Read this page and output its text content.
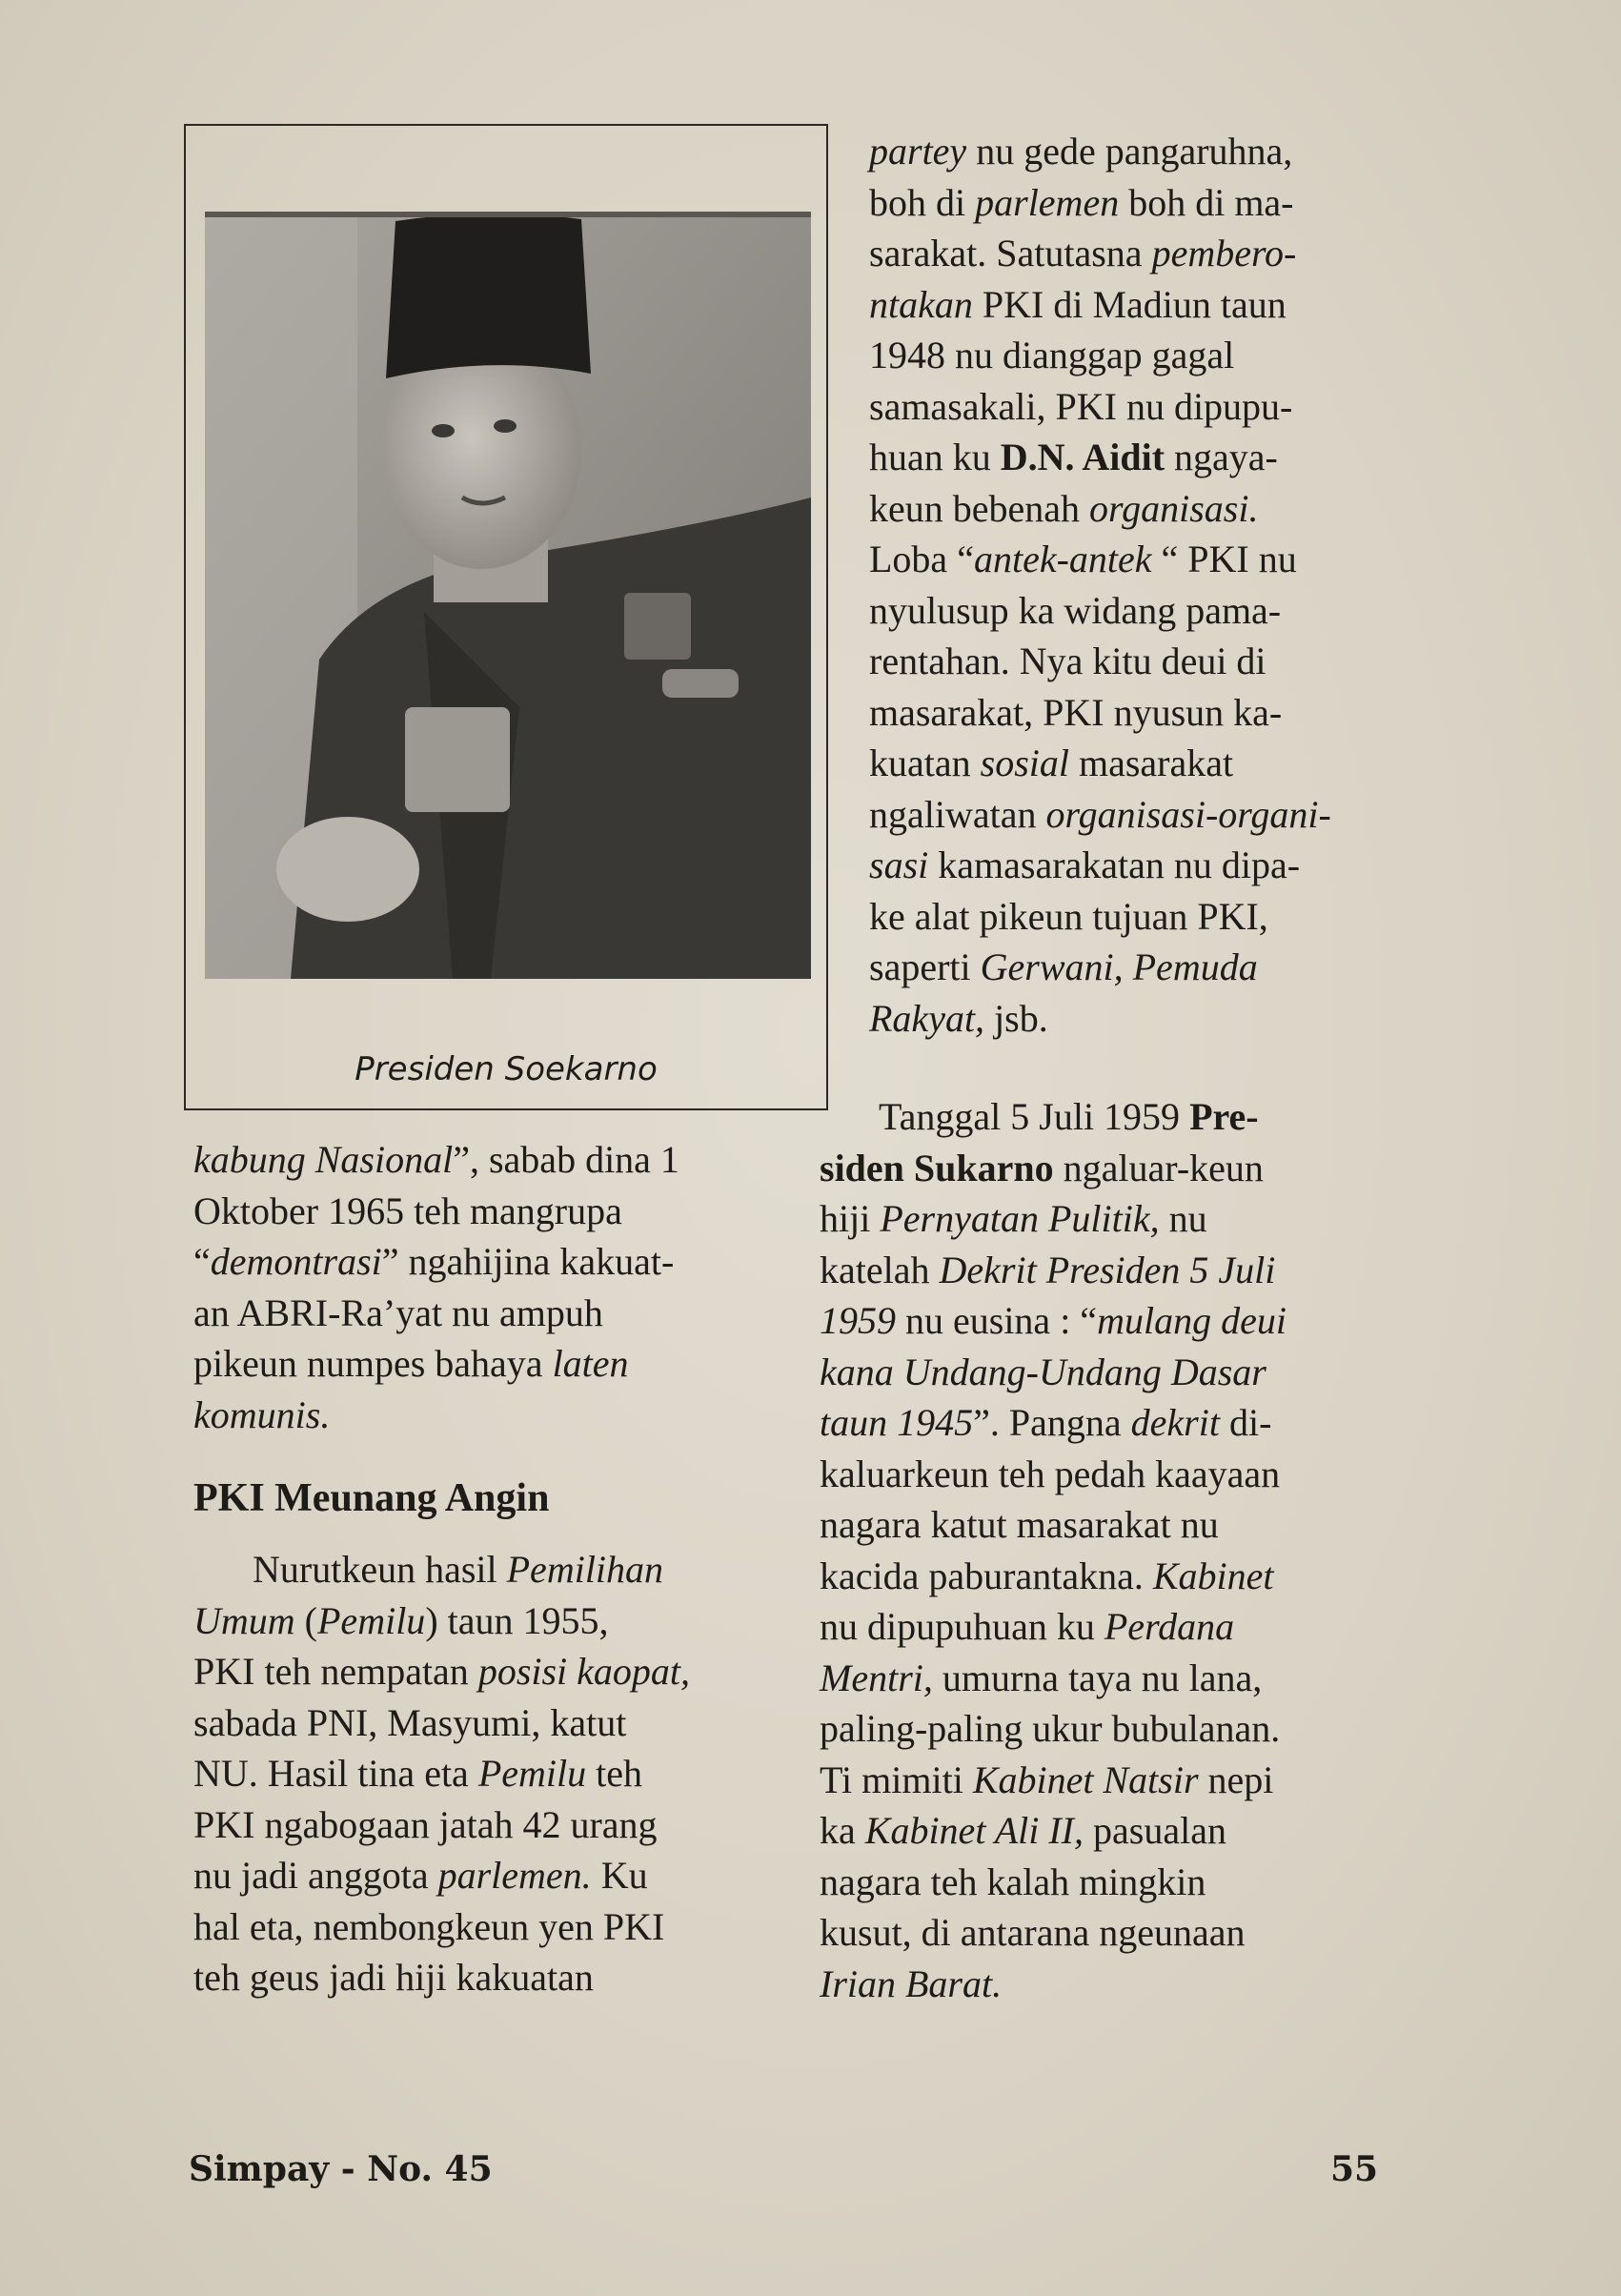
Presiden Soekarno
partey nu gede pangaruhna,
boh di parlemen boh di ma-
sarakat. Satutasna pembero-
ntakan PKI di Madiun taun
1948 nu dianggap gagal
samasakali, PKI nu dipupu-
huan ku D.N. Aidit ngaya-
keun bebenah organisasi.
Loba “antek-antek “ PKI nu
nyulusup ka widang pama-
rentahan. Nya kitu deui di
masarakat, PKI nyusun ka-
kuatan sosial masarakat
ngaliwatan organisasi-organi-
sasi kamasarakatan nu dipa-
ke alat pikeun tujuan PKI,
saperti Gerwani, Pemuda
Rakyat, jsb.
kabung Nasional”, sabab dina 1
Oktober 1965 teh mangrupa
“demontrasi” ngahijina kakuat-
an ABRI-Ra’yat nu ampuh
pikeun numpes bahaya laten
komunis.
PKI Meunang Angin
Nurutkeun hasil Pemilihan
Umum (Pemilu) taun 1955,
PKI teh nempatan posisi kaopat,
sabada PNI, Masyumi, katut
NU. Hasil tina eta Pemilu teh
PKI ngabogaan jatah 42 urang
nu jadi anggota parlemen. Ku
hal eta, nembongkeun yen PKI
teh geus jadi hiji kakuatan
Tanggal 5 Juli 1959 Pre-
siden Sukarno ngaluar-keun
hiji Pernyatan Pulitik, nu
katelah Dekrit Presiden 5 Juli
1959 nu eusina : “mulang deui
kana Undang-Undang Dasar
taun 1945”. Pangna dekrit di-
kaluarkeun teh pedah kaayaan
nagara katut masarakat nu
kacida paburantakna. Kabinet
nu dipupuhuan ku Perdana
Mentri, umurna taya nu lana,
paling-paling ukur bubulanan.
Ti mimiti Kabinet Natsir nepi
ka Kabinet Ali II, pasualan
nagara teh kalah mingkin
kusut, di antarana ngeunaan
Irian Barat.
Simpay - No. 45	55
